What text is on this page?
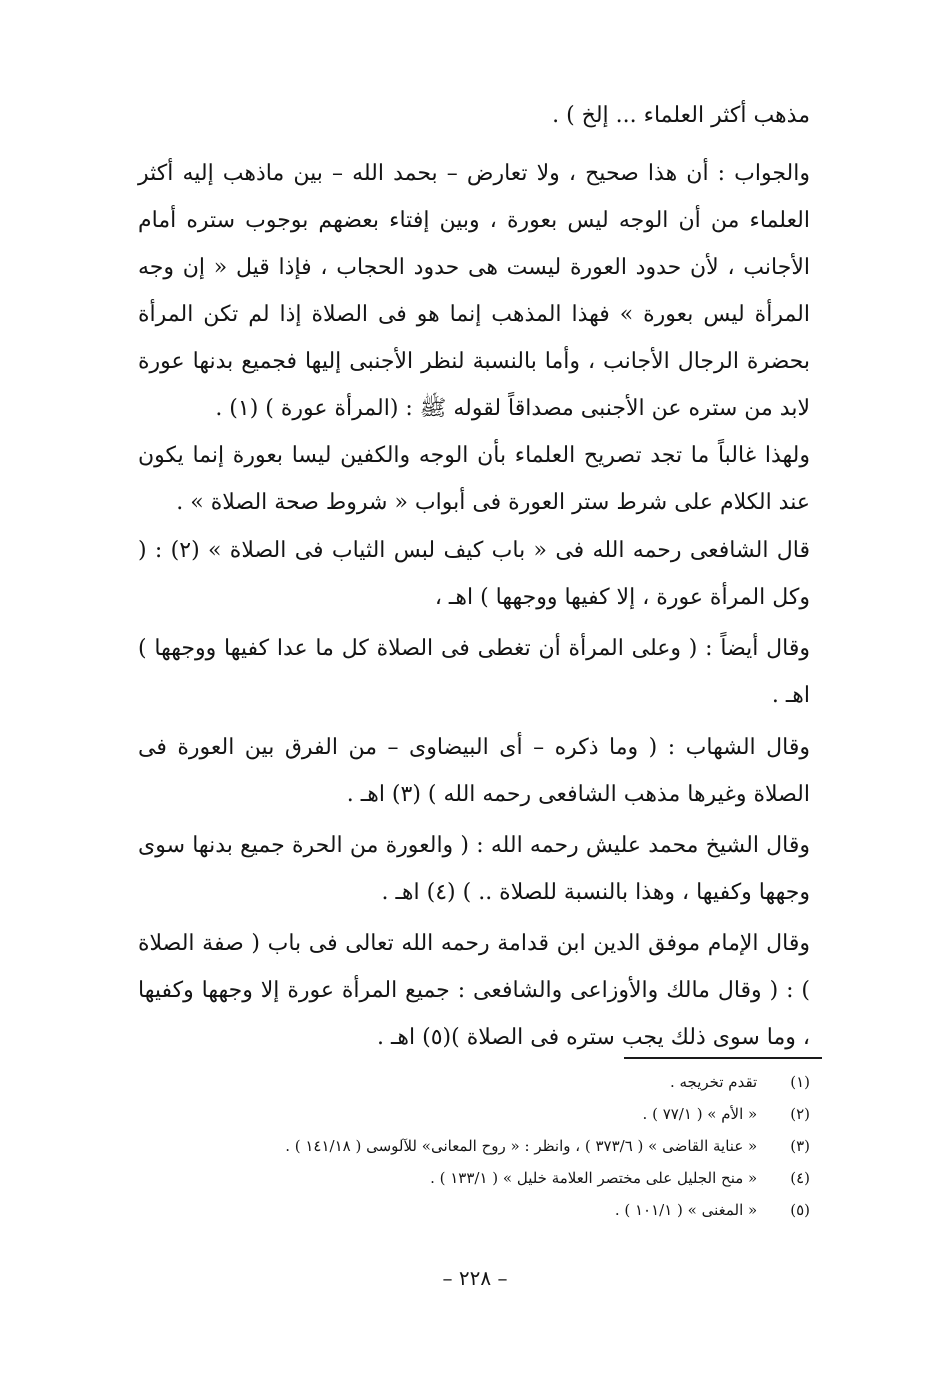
مذهب أكثر العلماء ... إلخ ) .

والجواب : أن هذا صحيح ، ولا تعارض – بحمد الله – بين ماذهب إليه أكثر العلماء من أن الوجه ليس بعورة ، وبين إفتاء بعضهم بوجوب ستره أمام الأجانب ، لأن حدود العورة ليست هى حدود الحجاب ، فإذا قيل « إن وجه المرأة ليس بعورة » فهذا المذهب إنما هو فى الصلاة إذا لم تكن المرأة بحضرة الرجال الأجانب ، وأما بالنسبة لنظر الأجنبى إليها فجميع بدنها عورة لابد من ستره عن الأجنبى مصداقاً لقوله ﷺ : (المرأة عورة ) (١) .

ولهذا غالباً ما تجد تصريح العلماء بأن الوجه والكفين ليسا بعورة إنما يكون عند الكلام على شرط ستر العورة فى أبواب « شروط صحة الصلاة » .

قال الشافعى رحمه الله فى « باب كيف لبس الثياب فى الصلاة » (٢) : ( وكل المرأة عورة ، إلا كفيها ووجهها ) اهـ ،

وقال أيضاً : ( وعلى المرأة أن تغطى فى الصلاة كل ما عدا كفيها ووجهها ) اهـ .

وقال الشهاب : ( وما ذكره – أى البيضاوى – من الفرق بين العورة فى الصلاة وغيرها مذهب الشافعى رحمه الله ) (٣) اهـ .

وقال الشيخ محمد عليش رحمه الله : ( والعورة من الحرة جميع بدنها سوى وجهها وكفيها ، وهذا بالنسبة للصلاة .. ) (٤) اهـ .

وقال الإمام موفق الدين ابن قدامة رحمه الله تعالى فى باب ( صفة الصلاة ) : ( وقال مالك والأوزاعى والشافعى : جميع المرأة عورة إلا وجهها وكفيها ، وما سوى ذلك يجب ستره فى الصلاة )(٥) اهـ .

(١) تقدم تخريجه .
(٢) « الأم » ( ٧٧/١ ) .
(٣) « عناية القاضى » ( ٣٧٣/٦ ) ، وانظر : « روح المعانى» للآلوسى ( ١٤١/١٨ ) .
(٤) « منح الجليل على مختصر العلامة خليل » ( ١٣٣/١ ) .
(٥) « المغنى » ( ١٠١/١ ) .
– ٢٢٨ –
